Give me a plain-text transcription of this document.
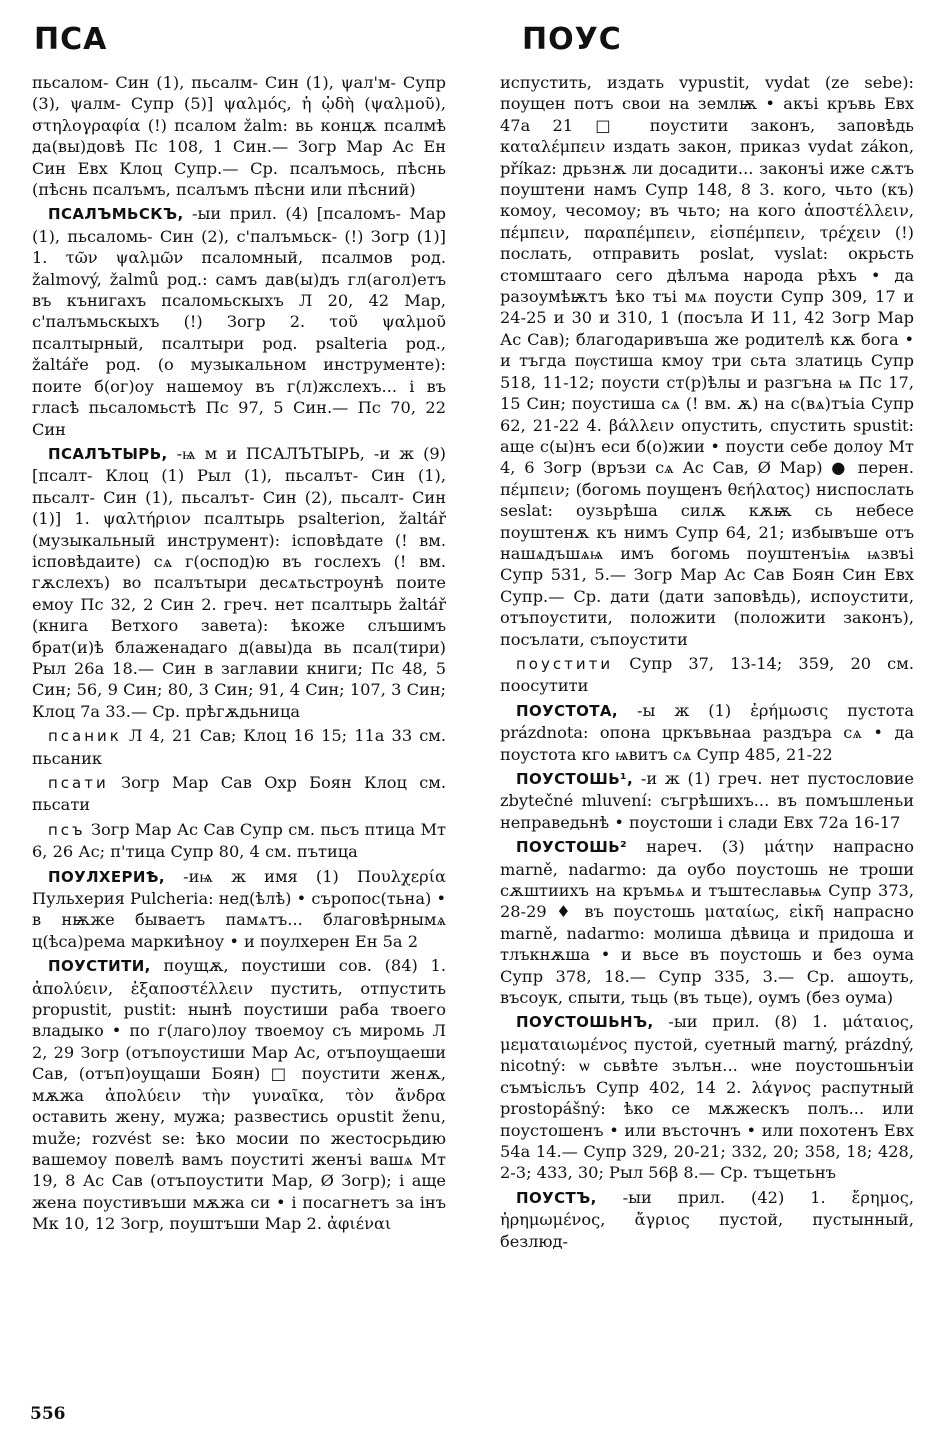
ПСА	ПОУС

пьсалом- Син (1), пьсалм- Син (1), ψал'м- Супр (3), ψалм- Супр (5)] ψαλμός, ἡ ᾠδὴ (ψαλμοῦ), στηλογραφία (!) псалом žalm: вь концѫ псалмѣ да(вы)довѣ Пс 108, 1 Син.— Зогр Мар Ас Ен Син Евх Клоц Супр.— Ср. псалъмось, пѣснь (пѣснь псалъмъ, псалъмъ пѣсни или пѣсний)

ПСАЛЪМЬСКЪ, -ыи прил. (4) [псаломъ- Мар (1), пьсаломь- Син (2), с'палъмьск- (!) Зогр (1)] 1. τῶν ψαλμῶν псаломный, псалмов род. žalmový, žalmů род.: самъ дав(ы)дъ гл(агол)етъ въ кънигахъ псаломьскыхъ Л 20, 42 Мар, с'палъмьскыхъ (!) Зогр 2. τοῦ ψαλμοῦ псалтырный, псалтыри род. psalteria род., žaltáře род. (о музыкальном инструменте): поите б(ог)оу нашемоу въ г(л)жслехъ... і въ гласѣ пьсаломьстѣ Пс 97, 5 Син.— Пс 70, 22 Син

ПСАЛЪТЫРЬ, -ѩ м и ПСАЛЪТЫРЬ, -и ж (9) [псалт- Клоц (1) Рыл (1), пьсалът- Син (1), пьсалт- Син (1), пьсалът- Син (2), пьсалт- Син (1)] 1. ψαλτήριον псалтырь psalterion, žaltář (музыкальный инструмент): ісповѣдате (! вм. ісповѣдаите) сѧ г(оспод)ю въ гослехъ (! вм. гѫслехъ) во псалътыри десѧтьстроунѣ поите емоу Пс 32, 2 Син 2. греч. нет псалтырь žaltář (книга Ветхого завета): ѣкоже слъшимъ брат(и)ѣ блаженадаго д(авы)да вь псал(тири) Рыл 26а 18.— Син в заглавии книги; Пс 48, 5 Син; 56, 9 Син; 80, 3 Син; 91, 4 Син; 107, 3 Син; Клоц 7а 33.— Ср. прѣгѫдьница

псаник Л 4, 21 Сав; Клоц 16 15; 11а 33 см. пьсаник

псати Зогр Мар Сав Охр Боян Клоц см. пьсати

псъ Зогр Мар Ас Сав Супр см. пьсъ птица Мт 6, 26 Ас; п'тица Супр 80, 4 см. пътица

ПОУЛХЕРИѢ, -иѩ ж имя (1) Πουλχερία Пульхерия Pulcheria: нед(ѣлѣ) • съропос(тьна) • в нѭже бываетъ памѧтъ... благовѣрнымѧ ц(ѣса)рема маркиѣноу • и поулхерен Ен 5а 2

ПОУСТИТИ, поущѫ, поустиши сов. (84) 1. ἀπολύειν, ἐξαποστέλλειν пустить, отпустить propustit, pustit: нынѣ поустиши раба твоего владыко • по г(лаго)лоу твоемоу съ миромь Л 2, 29 Зогр (отъпоустиши Мар Ас, отъпоущаеши Сав, (отъп)оущаши Боян) □ поустити женѫ, мѫжа ἀπολύειν τὴν γυναῖκα, τὸν ἄνδρα оставить жену, мужа; развестись opustit ženu, muže; rozvést se: ѣко мосии по жестосрьдию вашемоу повелѣ вамъ поуститі женъі вашѧ Мт 19, 8 Ас Сав (отъпоустити Мар, Ø Зогр); і аще жена поустивъши мѫжа си • і посагнетъ за інъ Мк 10, 12 Зогр, поуштъши Мар 2. ἀφιέναι

испустить, издать vypustit, vydat (ze sebe): поущен потъ свои на землѭ • акъі кръвь Евх 47а 21 □ поустити законъ, заповѣдь καταλέμπειν издать закон, приказ vydat zákon, příkaz: дрьзнѫ ли досадити... законъі иже сѫтъ поуштени намъ Супр 148, 8 3. кого, чьто (къ) комоу, чесомоу; въ чьто; на кого ἀποστέλλειν, πέμπειν, παραπέμπειν, εἰσπέμπειν, τρέχειν (!) послать, отправить poslat, vyslat: окрьсть стомштааго сего дѣлъма народа рѣхъ • да разоумѣѭтъ ѣко тъі мѧ поусти Супр 309, 17 и 24-25 и 30 и 310, 1 (посъла И 11, 42 Зогр Мар Ас Сав); благодаривъша же родителѣ кѫ бога • и тъгда пѹстиша кмоу три сьта златиць Супр 518, 11-12; поусти ст(р)ѣлы и разгъна ѩ Пс 17, 15 Син; поустиша сѧ (! вм. ѫ) на с(вѧ)тъіа Супр 62, 21-22 4. βάλλειν опустить, спустить spustit: аще с(ы)нъ еси б(о)жии • поусти себе долоу Мт 4, 6 Зогр (връзи сѧ Ас Сав, Ø Мар) ● перен. πέμπειν; (богомь поущенъ θεήλατος) ниспослать seslat: оузьрѣша силѫ кѫѭ сь небесе поуштенѫ къ нимъ Супр 64, 21; избывъше отъ нашѧдъшѧѩ имъ богомь поуштенъіѩ ѩзвъі Супр 531, 5.— Зогр Мар Ас Сав Боян Син Евх Супр.— Ср. дати (дати заповѣдь), испоустити, отъпоустити, положити (положити законъ), посълати, съпоустити

поустити Супр 37, 13-14; 359, 20 см. поосутити

ПОУСТОТА, -ы ж (1) ἐρήμωσις пустота prázdnota: опона цркъвьнаа раздъра сѧ • да поустота кго ѩвитъ сѧ Супр 485, 21-22

ПОУСТОШЬ¹, -и ж (1) греч. нет пустословие zbytečné mluvení: съгрѣшихъ... въ помъшленьи неправедьнѣ • поустоши і слади Евх 72а 16-17

ПОУСТОШЬ² нареч. (3) μάτην напрасно marně, nadarmo: да оубо поустошь не троши сѫштиихъ на кръмьѧ и тъштеславьѩ Супр 373, 28-29 ♦ въ поустошь ματαίως, εἰκῆ напрасно marně, nadarmo: молиша дѣвица и придоша и тлъкнѫша • и вьсе въ поустошь и без оума Супр 378, 18.— Супр 335, 3.— Ср. ашоуть, въсоук, спыти, тьць (въ тьце), оумъ (без оума)

ПОУСТОШЬНЪ, -ыи прил. (8) 1. μάταιος, μεματαιωμένος пустой, суетный marný, prázdný, nicotný: ѡ сьвѣте зълън... ѡне поустошьнъіи съмъісльъ Супр 402, 14 2. λάγνος распутный prostopášný: ѣко се мѫжескъ полъ... или поустошенъ • или въсточнъ • или похотенъ Евх 54а 14.— Супр 329, 20-21; 332, 20; 358, 18; 428, 2-3; 433, 30; Рыл 56β 8.— Ср. тъщетьнъ

ПОУСТЪ, -ыи прил. (42) 1. ἔρημος, ἠρημωμένος, ἄγριος пустой, пустынный, безлюд-

556
